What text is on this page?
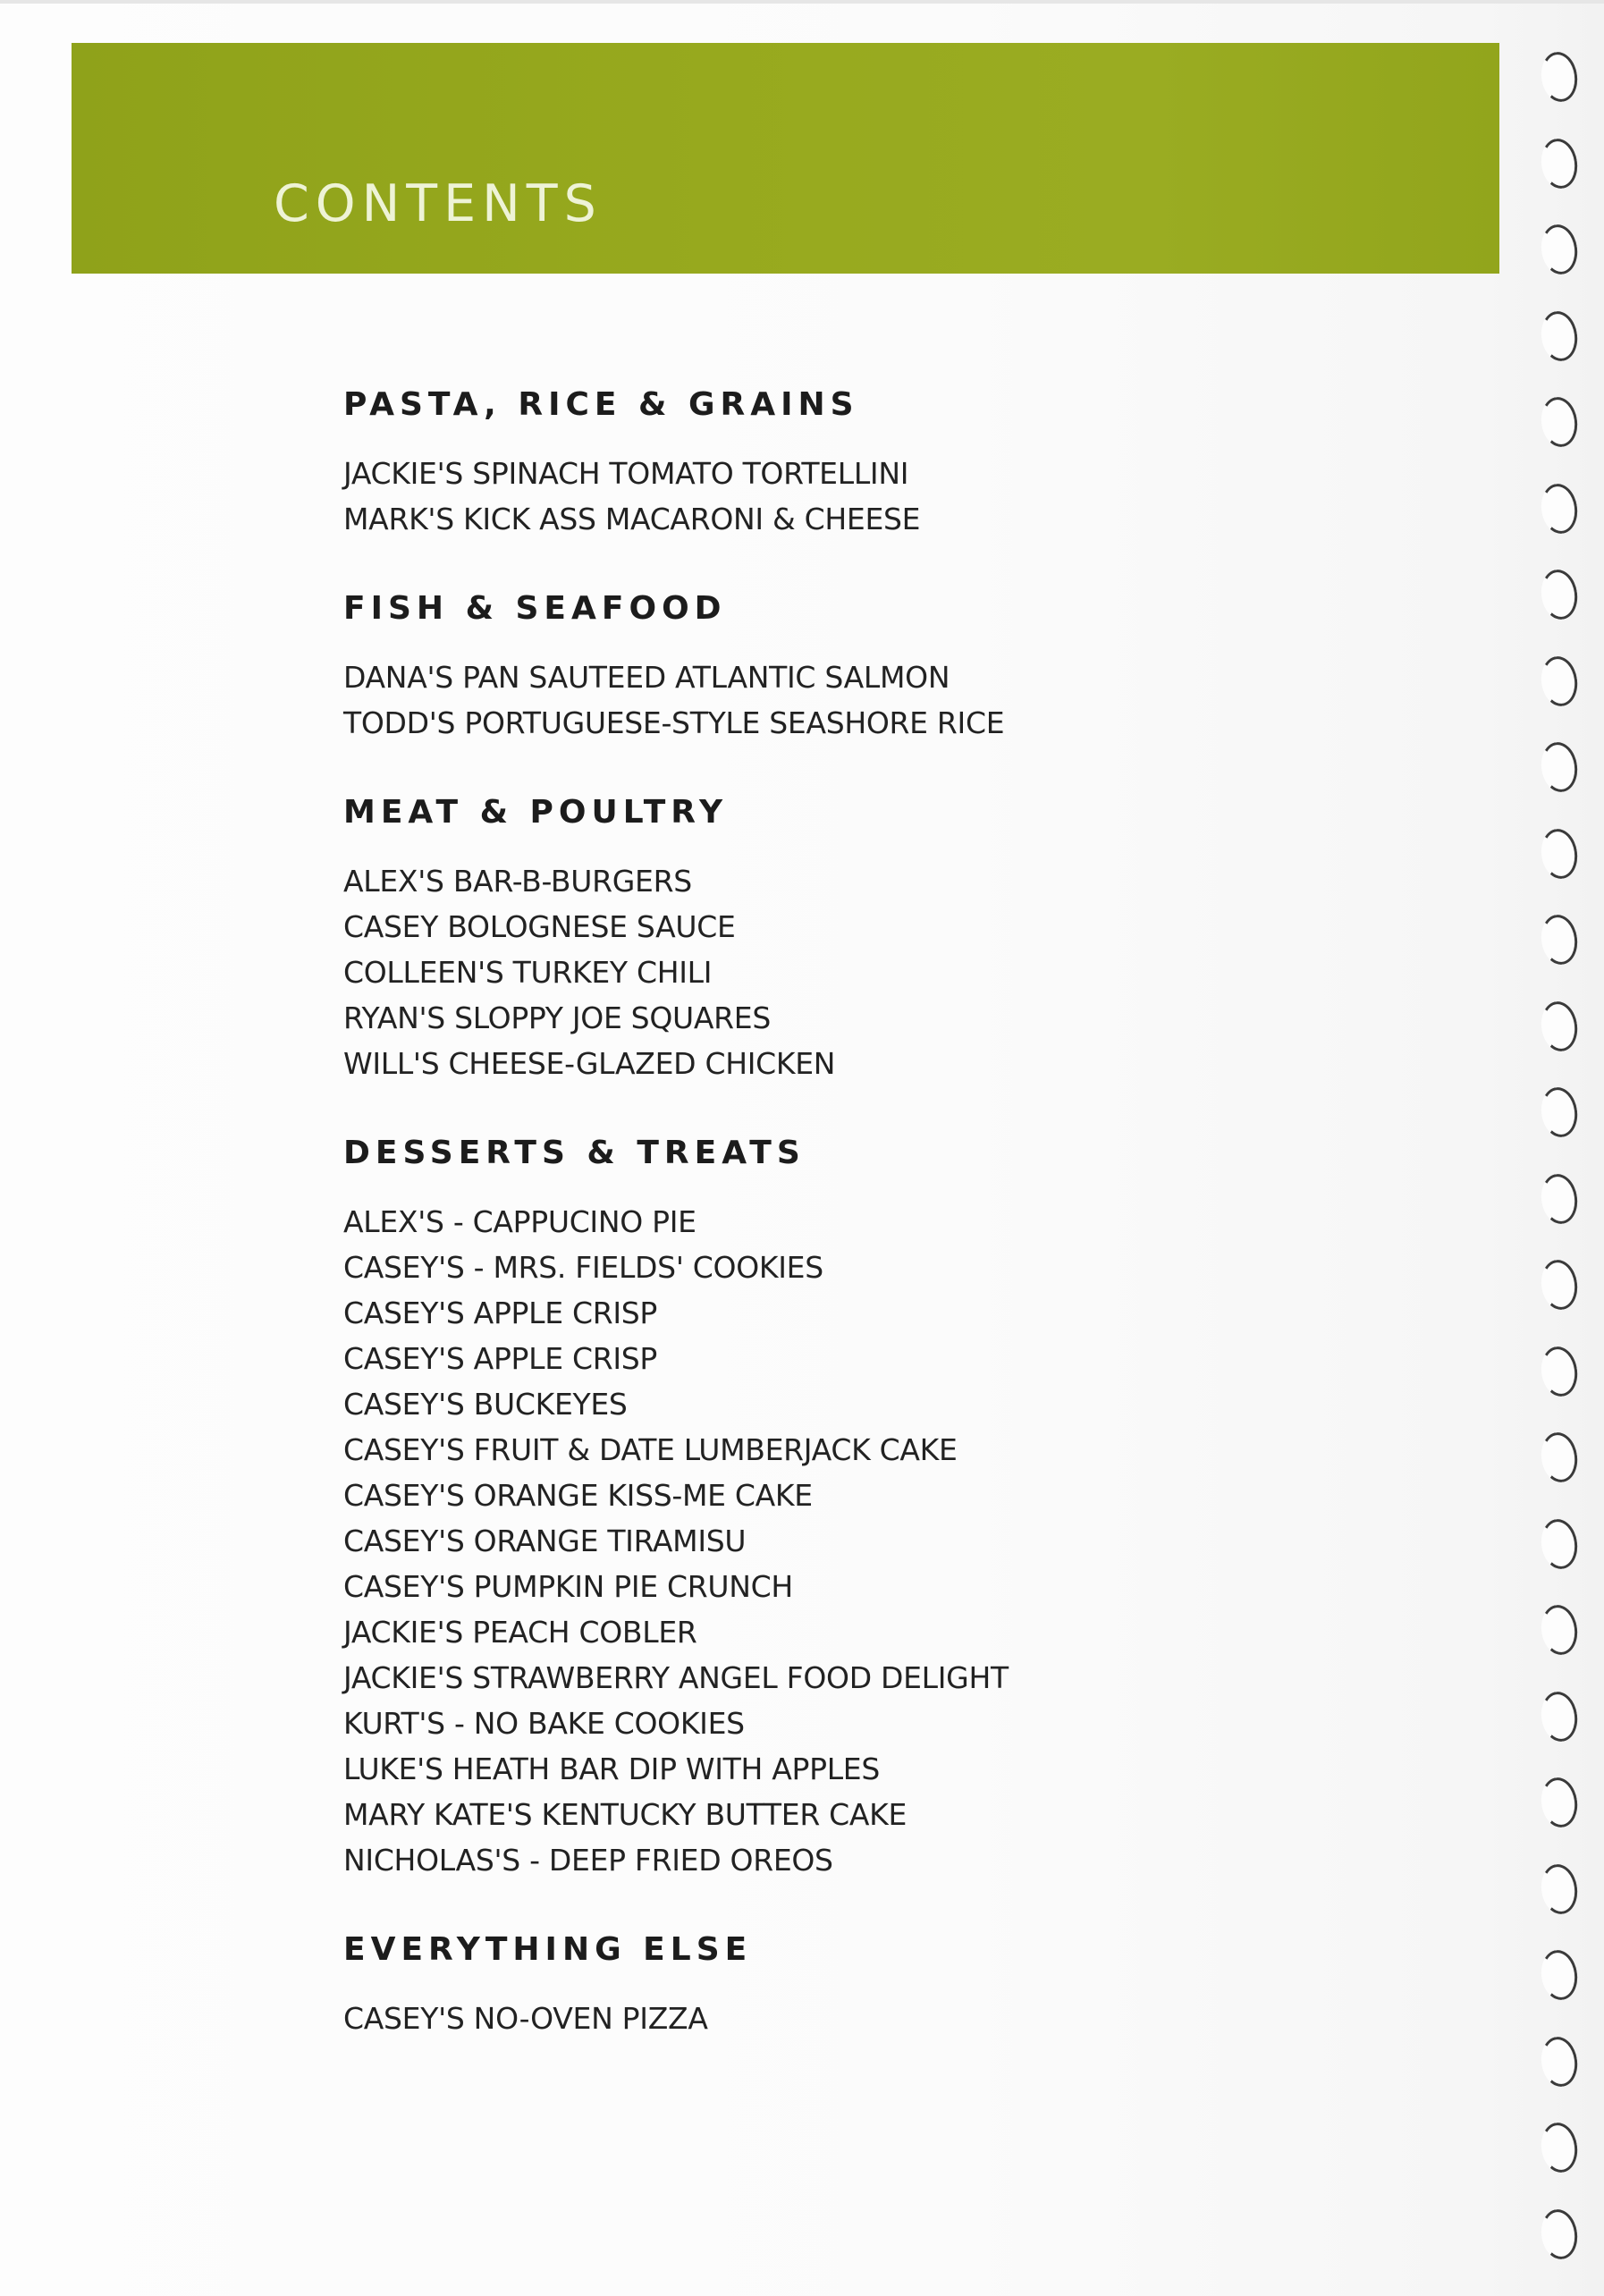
CONTENTS
PASTA, RICE & GRAINS
JACKIE'S SPINACH TOMATO TORTELLINI
MARK'S KICK ASS MACARONI & CHEESE
FISH & SEAFOOD
DANA'S PAN SAUTEED ATLANTIC SALMON
TODD'S PORTUGUESE-STYLE SEASHORE RICE
MEAT & POULTRY
ALEX'S BAR-B-BURGERS
CASEY BOLOGNESE SAUCE
COLLEEN'S TURKEY CHILI
RYAN'S SLOPPY JOE SQUARES
WILL'S CHEESE-GLAZED CHICKEN
DESSERTS & TREATS
ALEX'S - CAPPUCINO PIE
CASEY'S - MRS. FIELDS' COOKIES
CASEY'S APPLE CRISP
CASEY'S APPLE CRISP
CASEY'S BUCKEYES
CASEY'S FRUIT & DATE LUMBERJACK CAKE
CASEY'S ORANGE KISS-ME CAKE
CASEY'S ORANGE TIRAMISU
CASEY'S PUMPKIN PIE CRUNCH
JACKIE'S PEACH COBLER
JACKIE'S STRAWBERRY ANGEL FOOD DELIGHT
KURT'S - NO BAKE COOKIES
LUKE'S HEATH BAR DIP WITH APPLES
MARY KATE'S KENTUCKY BUTTER CAKE
NICHOLAS'S - DEEP FRIED OREOS
EVERYTHING ELSE
CASEY'S NO-OVEN PIZZA
